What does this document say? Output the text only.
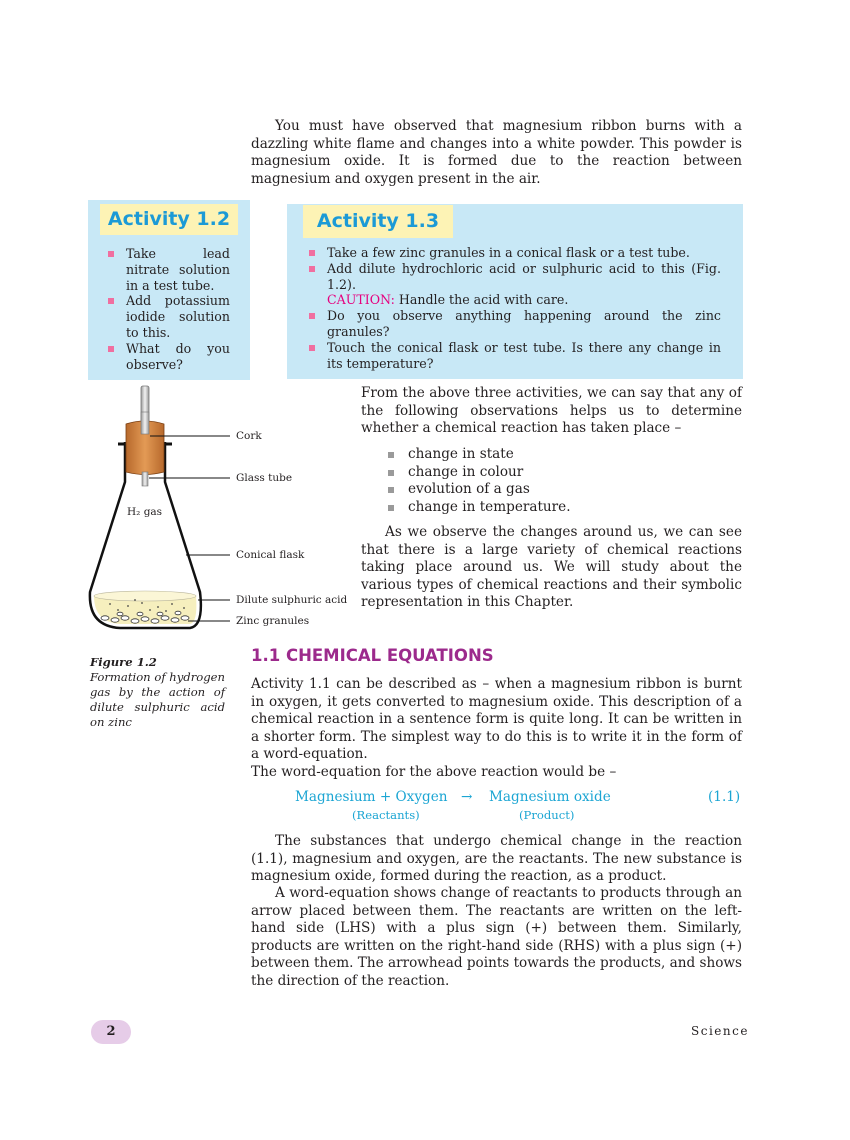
You must have observed that magnesium ribbon burns with a dazzling white flame and changes into a white powder. This powder is magnesium oxide. It is formed due to the reaction between magnesium and oxygen present in the air.
Activity 1.2
Take lead nitrate solution in a test tube.
Add potassium iodide solution to this.
What do you observe?
Activity 1.3
Take a few zinc granules in a conical flask or a test tube.
Add dilute hydrochloric acid or sulphuric acid to this (Fig. 1.2).
CAUTION: Handle the acid with care.
Do you observe anything happening around the zinc granules?
Touch the conical flask or test tube. Is there any change in its temperature?
From the above three activities, we can say that any of the following observations helps us to determine whether a chemical reaction has taken place –
change in state
change in colour
evolution of a gas
change in temperature.
As we observe the changes around us, we can see that there is a large variety of chemical reactions taking place around us. We will study about the various types of chemical reactions and their symbolic representation in this Chapter.
Cork
Glass tube
H₂ gas
Conical flask
Dilute sulphuric acid
Zinc granules
Figure 1.2
Formation of hydrogen gas by the action of dilute sulphuric acid on zinc
1.1 CHEMICAL EQUATIONS
Activity 1.1 can be described as – when a magnesium ribbon is burnt in oxygen, it gets converted to magnesium oxide. This description of a chemical reaction in a sentence form is quite long. It can be written in a shorter form. The simplest way to do this is to write it in the form of a word-equation.
The word-equation for the above reaction would be –
Magnesium + Oxygen → Magnesium oxide	(1.1)
(Reactants)	(Product)
The substances that undergo chemical change in the reaction (1.1), magnesium and oxygen, are the reactants. The new substance is magnesium oxide, formed during the reaction, as a product.
A word-equation shows change of reactants to products through an arrow placed between them. The reactants are written on the left-hand side (LHS) with a plus sign (+) between them. Similarly, products are written on the right-hand side (RHS) with a plus sign (+) between them. The arrowhead points towards the products, and shows the direction of the reaction.
2	Science
